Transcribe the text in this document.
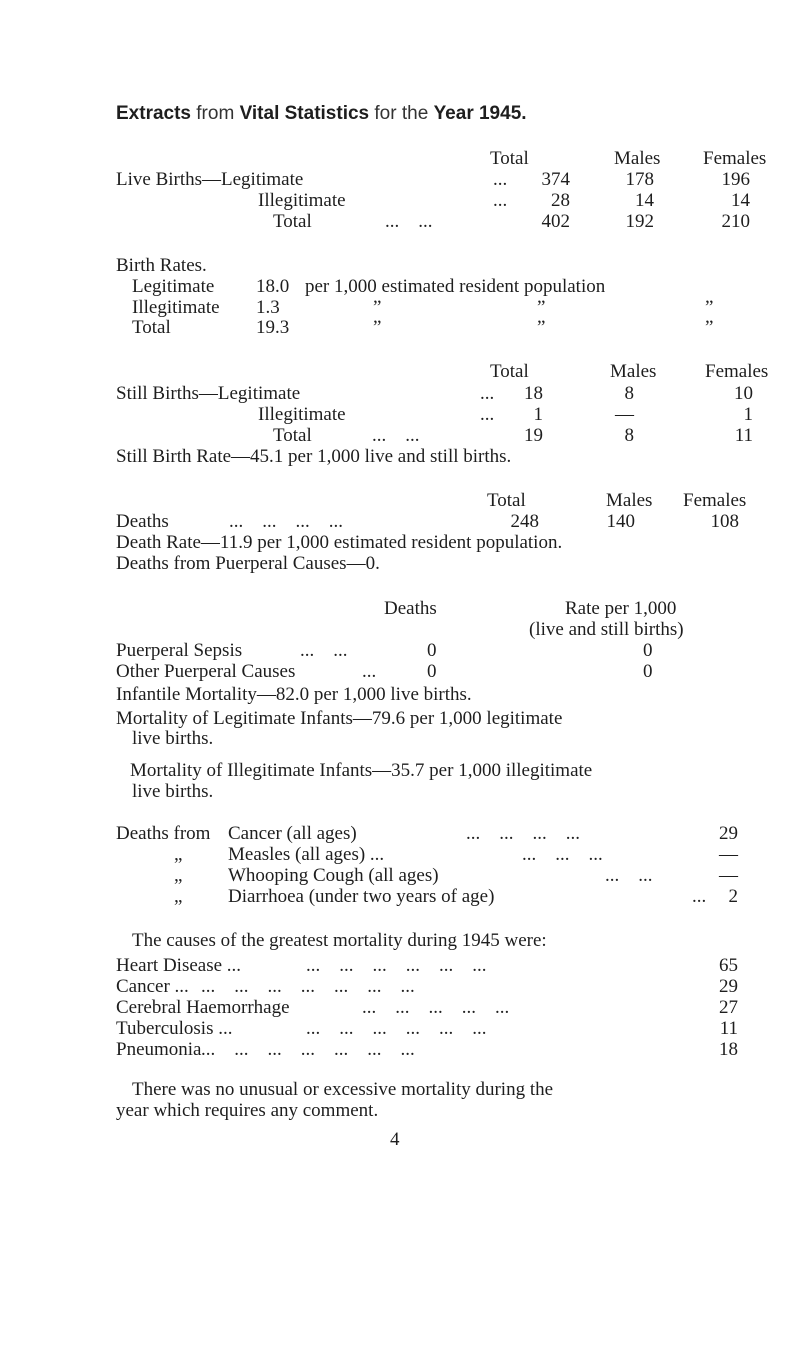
Extracts from Vital Statistics for the Year 1945.
Total	Males Females
Live Births—Legitimate	...	374	178	196
Illegitimate	...	28	14	14
Total	...    ...	402	192	210
Birth Rates.
Legitimate 18.0 per 1,000 estimated resident population
Illegitimate 1.3	”	”	”
Total	19.3	”	”	”
Total	Males	Females
Still Births—Legitimate	...	18	8	10
Illegitimate	...	1	—	1
Total	...    ...	19	8	11
Still Birth Rate—45.1 per 1,000 live and still births.
Total	Males Females
Deaths	...    ...    ...    ...	248	140	108
Death Rate—11.9 per 1,000 estimated resident population.
Deaths from Puerperal Causes—0.
Deaths	Rate per 1,000
(live and still births)
Puerperal Sepsis	...    ...	0	0
Other Puerperal Causes	...	0	0
Infantile Mortality—82.0 per 1,000 live births.
Mortality of Legitimate Infants—79.6 per 1,000 legitimate
live births.
Mortality of Illegitimate Infants—35.7 per 1,000 illegitimate
live births.
Deaths from Cancer (all ages)	...    ...    ...    ...	29
„ Measles (all ages) ...	...    ...    ...	—
„ Whooping Cough (all ages)	...    ...	—
„ Diarrhoea (under two years of age)	...	2
The causes of the greatest mortality during 1945 were:
Heart Disease ...	...    ...    ...    ...    ...    ...	65
Cancer ... ...    ...    ...    ...    ...    ...    ...	29
Cerebral Haemorrhage	...    ...    ...    ...    ...	27
Tuberculosis ...	...    ...    ...    ...    ...    ...	11
Pneumonia ...    ...    ...    ...    ...    ...    ...	18
There was no unusual or excessive mortality during the
year which requires any comment.
4
